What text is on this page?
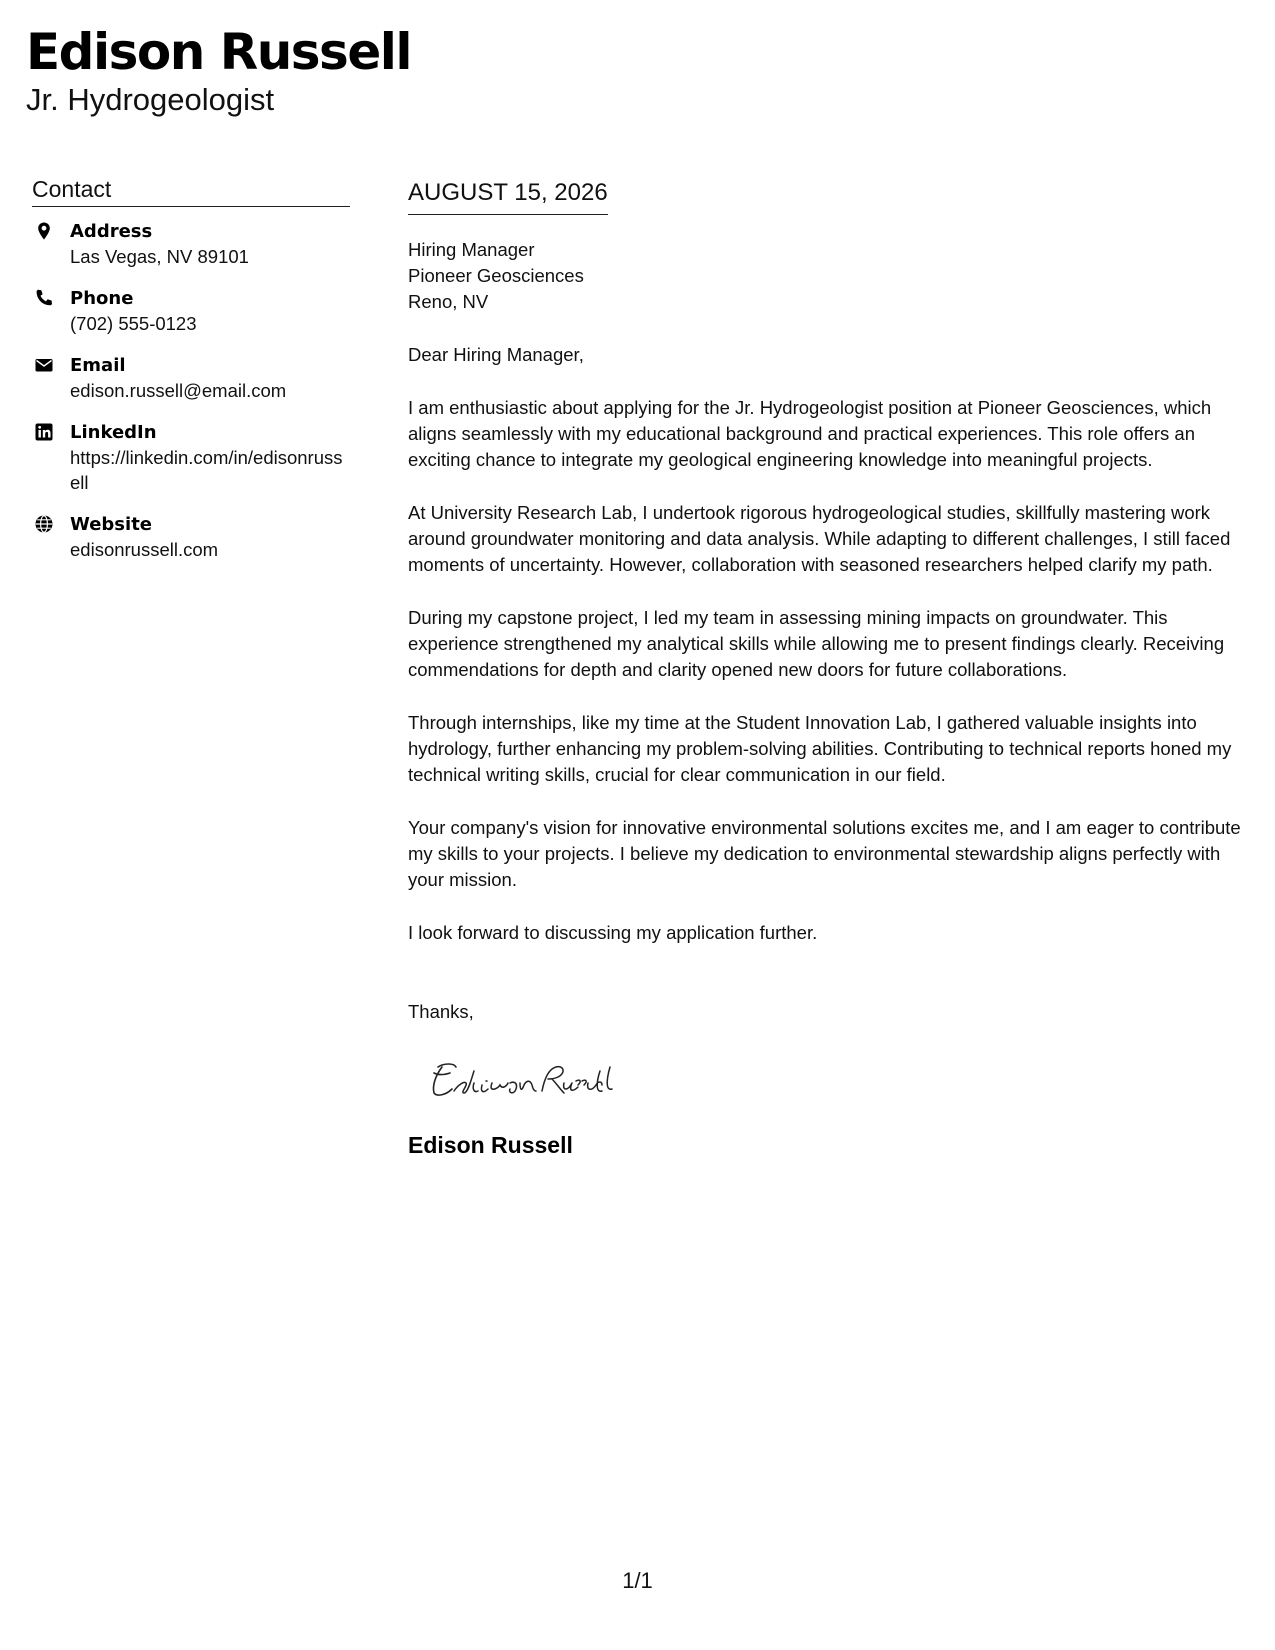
Edison Russell
Jr. Hydrogeologist
Contact
Address
Las Vegas, NV 89101
Phone
(702) 555-0123
Email
edison.russell@email.com
LinkedIn
https://linkedin.com/in/edisonrussell
Website
edisonrussell.com
AUGUST 15, 2026
Hiring Manager
Pioneer Geosciences
Reno, NV
Dear Hiring Manager,
I am enthusiastic about applying for the Jr. Hydrogeologist position at Pioneer Geosciences, which aligns seamlessly with my educational background and practical experiences. This role offers an exciting chance to integrate my geological engineering knowledge into meaningful projects.
At University Research Lab, I undertook rigorous hydrogeological studies, skillfully mastering work around groundwater monitoring and data analysis. While adapting to different challenges, I still faced moments of uncertainty. However, collaboration with seasoned researchers helped clarify my path.
During my capstone project, I led my team in assessing mining impacts on groundwater. This experience strengthened my analytical skills while allowing me to present findings clearly. Receiving commendations for depth and clarity opened new doors for future collaborations.
Through internships, like my time at the Student Innovation Lab, I gathered valuable insights into hydrology, further enhancing my problem-solving abilities. Contributing to technical reports honed my technical writing skills, crucial for clear communication in our field.
Your company's vision for innovative environmental solutions excites me, and I am eager to contribute my skills to your projects. I believe my dedication to environmental stewardship aligns perfectly with your mission.
I look forward to discussing my application further.
Thanks,
Edison Russell
1/1
